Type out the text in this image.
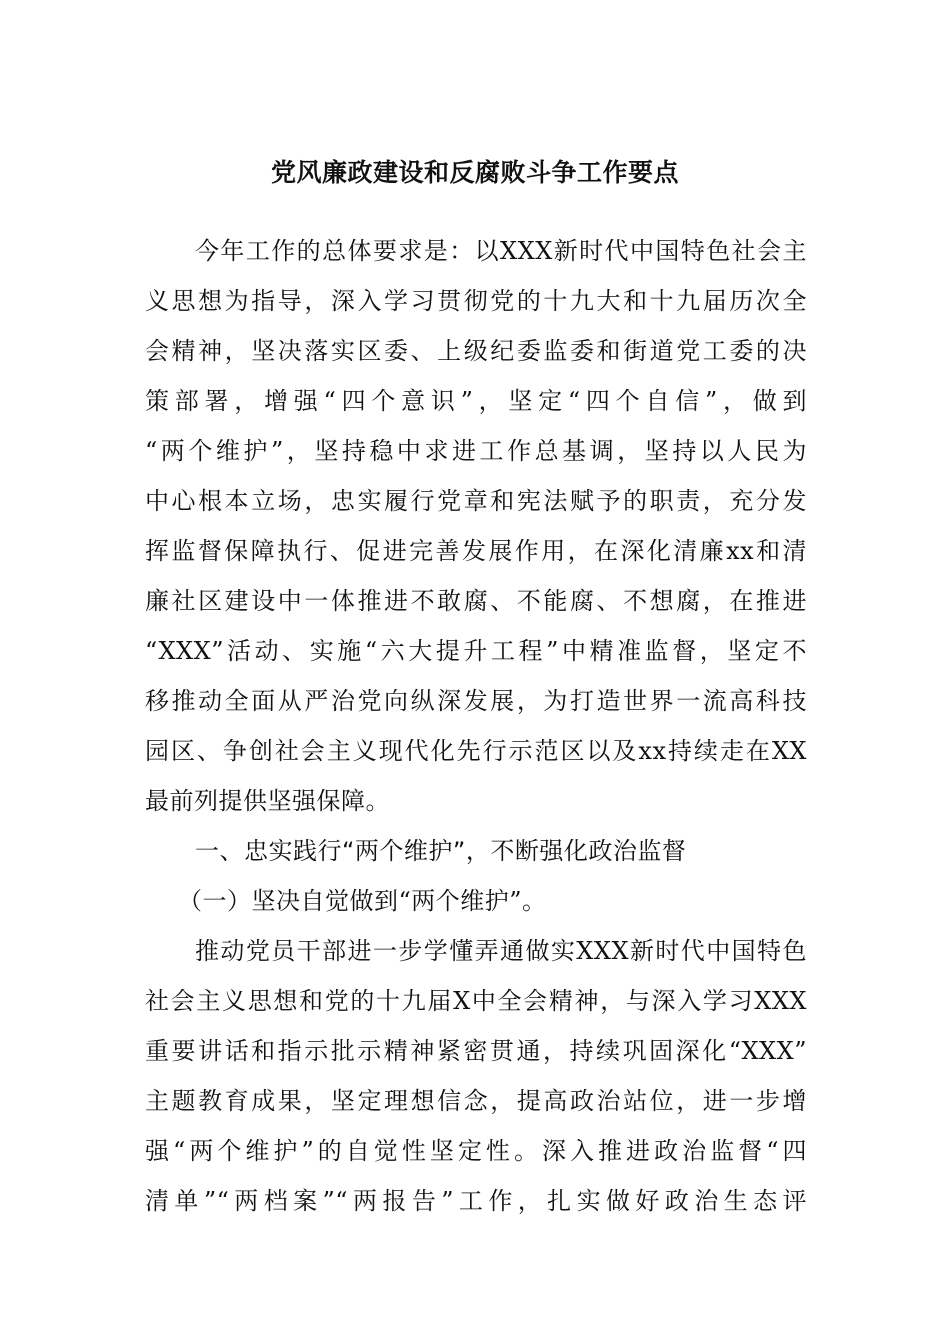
党风廉政建设和反腐败斗争工作要点
今年工作的总体要求是：以XXX新时代中国特色社会主
义思想为指导，深入学习贯彻党的十九大和十九届历次全
会精神，坚决落实区委、上级纪委监委和街道党工委的决
策部署，增强“四个意识”，坚定“四个自信”，做到
“两个维护”，坚持稳中求进工作总基调，坚持以人民为
中心根本立场，忠实履行党章和宪法赋予的职责，充分发
挥监督保障执行、促进完善发展作用，在深化清廉xx和清
廉社区建设中一体推进不敢腐、不能腐、不想腐，在推进
“XXX”活动、实施“六大提升工程”中精准监督，坚定不
移推动全面从严治党向纵深发展，为打造世界一流高科技
园区、争创社会主义现代化先行示范区以及xx持续走在XX
最前列提供坚强保障。
一、忠实践行“两个维护”，不断强化政治监督
（一）坚决自觉做到“两个维护”。
推动党员干部进一步学懂弄通做实XXX新时代中国特色
社会主义思想和党的十九届X中全会精神，与深入学习XXX
重要讲话和指示批示精神紧密贯通，持续巩固深化“XXX”
主题教育成果，坚定理想信念，提高政治站位，进一步增
强“两个维护”的自觉性坚定性。深入推进政治监督“四
清单”“两档案”“两报告”工作，扎实做好政治生态评
